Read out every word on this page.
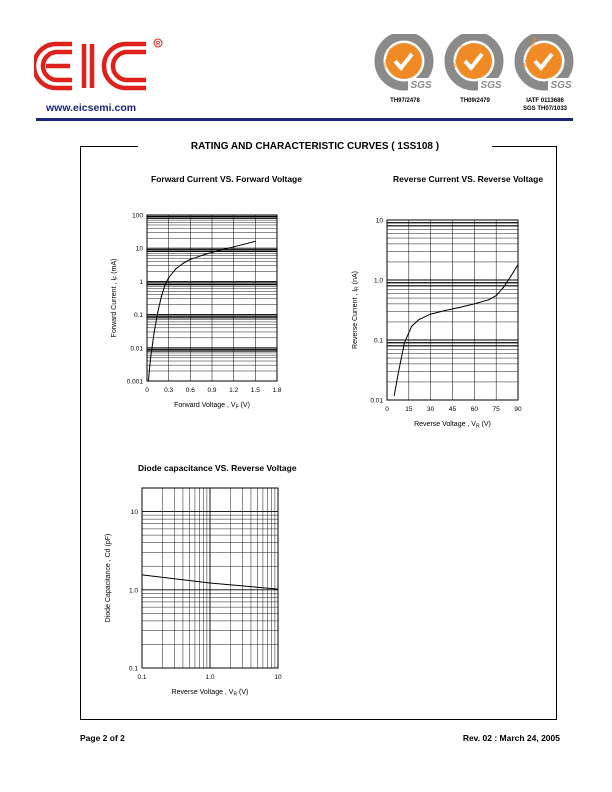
R
www.eicsemi.com
SGS
ISO 9001
TH97/2478
SGS
ISO 14001
TH09/2479
SGS
ISO/TS 16949
IATF 0113686
SGS TH07/1033
RATING AND CHARACTERISTIC CURVES ( 1SS108 )
Forward Current VS. Forward Voltage	Reverse Current VS. Reverse Voltage
Diode capacitance VS. Reverse Voltage
0 0.3 0.6 0.9 1.2 1.5 1.8
0.001
0.01
0.1
1
10
100
Forward Voltage , $V_F$ (V)
Forward Current , $I_F$ (mA)
0	15 30 45 60 75 90
0.01
0.1
1.0
10
Reverse Voltage , $V_R$ (V)
Reverse Current , $I_R$ (nA)
0.1	1.0	10
0.1
1.0
10
Reverse Voltage , $V_R$ (V)
Diode Capacitance , Cd (pF)
Page 2 of 2	Rev. 02 : March 24, 2005
